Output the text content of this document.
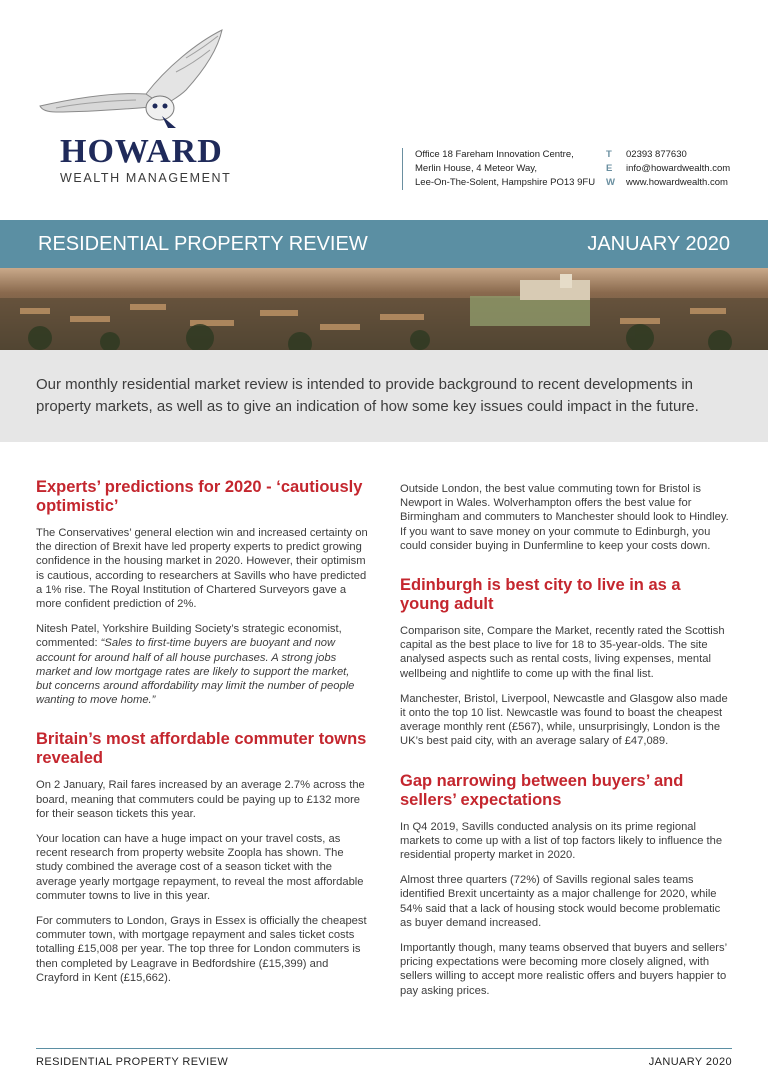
HOWARD
WEALTH MANAGEMENT
Office 18 Fareham Innovation Centre,
Merlin House, 4 Meteor Way,
Lee-On-The-Solent, Hampshire PO13 9FU
T	02393 877630
E	info@howardwealth.com
W	www.howardwealth.com
RESIDENTIAL PROPERTY REVIEW	JANUARY 2020
Our monthly residential market review is intended to provide background to recent developments in property markets, as well as to give an indication of how some key issues could impact in the future.
Experts’ predictions for 2020 - ‘cautiously optimistic’

The Conservatives’ general election win and increased certainty on the direction of Brexit have led property experts to predict growing confidence in the housing market in 2020. However, their optimism is cautious, according to researchers at Savills who have predicted a 1% rise. The Royal Institution of Chartered Surveyors gave a more confident prediction of 2%.

Nitesh Patel, Yorkshire Building Society’s strategic economist, commented: “Sales to first-time buyers are buoyant and now account for around half of all house purchases. A strong jobs market and low mortgage rates are likely to support the market, but concerns around affordability may limit the number of people wanting to move home.”

Britain’s most affordable commuter towns revealed

On 2 January, Rail fares increased by an average 2.7% across the board, meaning that commuters could be paying up to £132 more for their season tickets this year.

Your location can have a huge impact on your travel costs, as recent research from property website Zoopla has shown. The study combined the average cost of a season ticket with the average yearly mortgage repayment, to reveal the most affordable commuter towns to live in this year.

For commuters to London, Grays in Essex is officially the cheapest commuter town, with mortgage repayment and sales ticket costs totalling £15,008 per year. The top three for London commuters is then completed by Leagrave in Bedfordshire (£15,399) and Crayford in Kent (£15,662).

Outside London, the best value commuting town for Bristol is Newport in Wales. Wolverhampton offers the best value for Birmingham and commuters to Manchester should look to Hindley. If you want to save money on your commute to Edinburgh, you could consider buying in Dunfermline to keep your costs down.

Edinburgh is best city to live in as a young adult

Comparison site, Compare the Market, recently rated the Scottish capital as the best place to live for 18 to 35-year-olds. The site analysed aspects such as rental costs, living expenses, mental wellbeing and nightlife to come up with the final list.

Manchester, Bristol, Liverpool, Newcastle and Glasgow also made it onto the top 10 list. Newcastle was found to boast the cheapest average monthly rent (£567), while, unsurprisingly, London is the UK’s best paid city, with an average salary of £47,089.

Gap narrowing between buyers’ and sellers’ expectations

In Q4 2019, Savills conducted analysis on its prime regional markets to come up with a list of top factors likely to influence the residential property market in 2020.

Almost three quarters (72%) of Savills regional sales teams identified Brexit uncertainty as a major challenge for 2020, while 54% said that a lack of housing stock would become problematic as buyer demand increased.

Importantly though, many teams observed that buyers and sellers’ pricing expectations were becoming more closely aligned, with sellers willing to accept more realistic offers and buyers happier to pay asking prices.

RESIDENTIAL PROPERTY REVIEW	JANUARY 2020
